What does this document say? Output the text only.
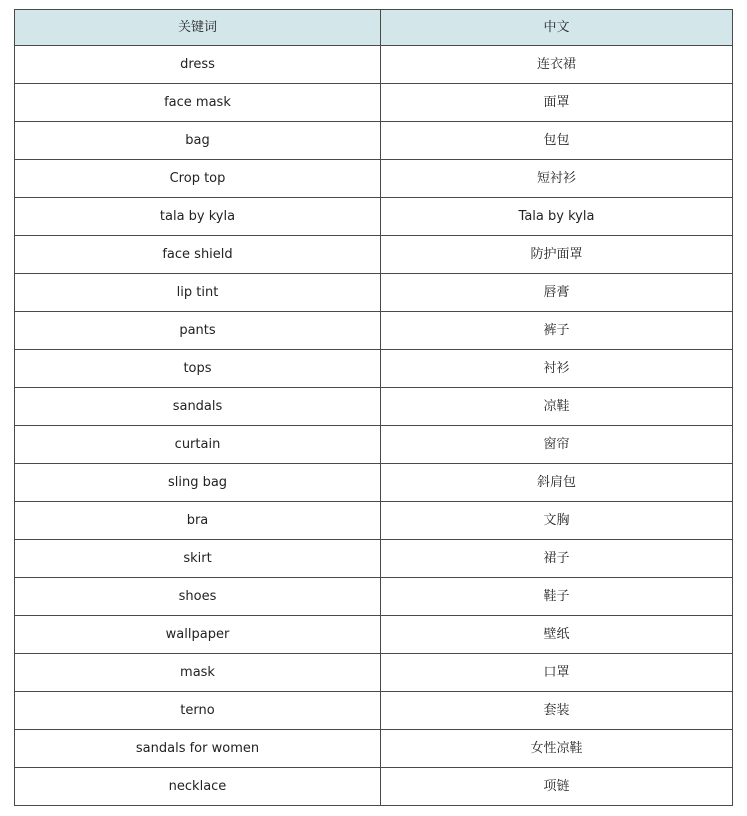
关键词	中文
dress	连衣裙
face mask	面罩
bag	包包
Crop top	短衬衫
tala by kyla	Tala by kyla
face shield	防护面罩
lip tint	唇膏
pants	裤子
tops	衬衫
sandals	凉鞋
curtain	窗帘
sling bag	斜肩包
bra	文胸
skirt	裙子
shoes	鞋子
wallpaper	壁纸
mask	口罩
terno	套装
sandals for women	女性凉鞋
necklace	项链
